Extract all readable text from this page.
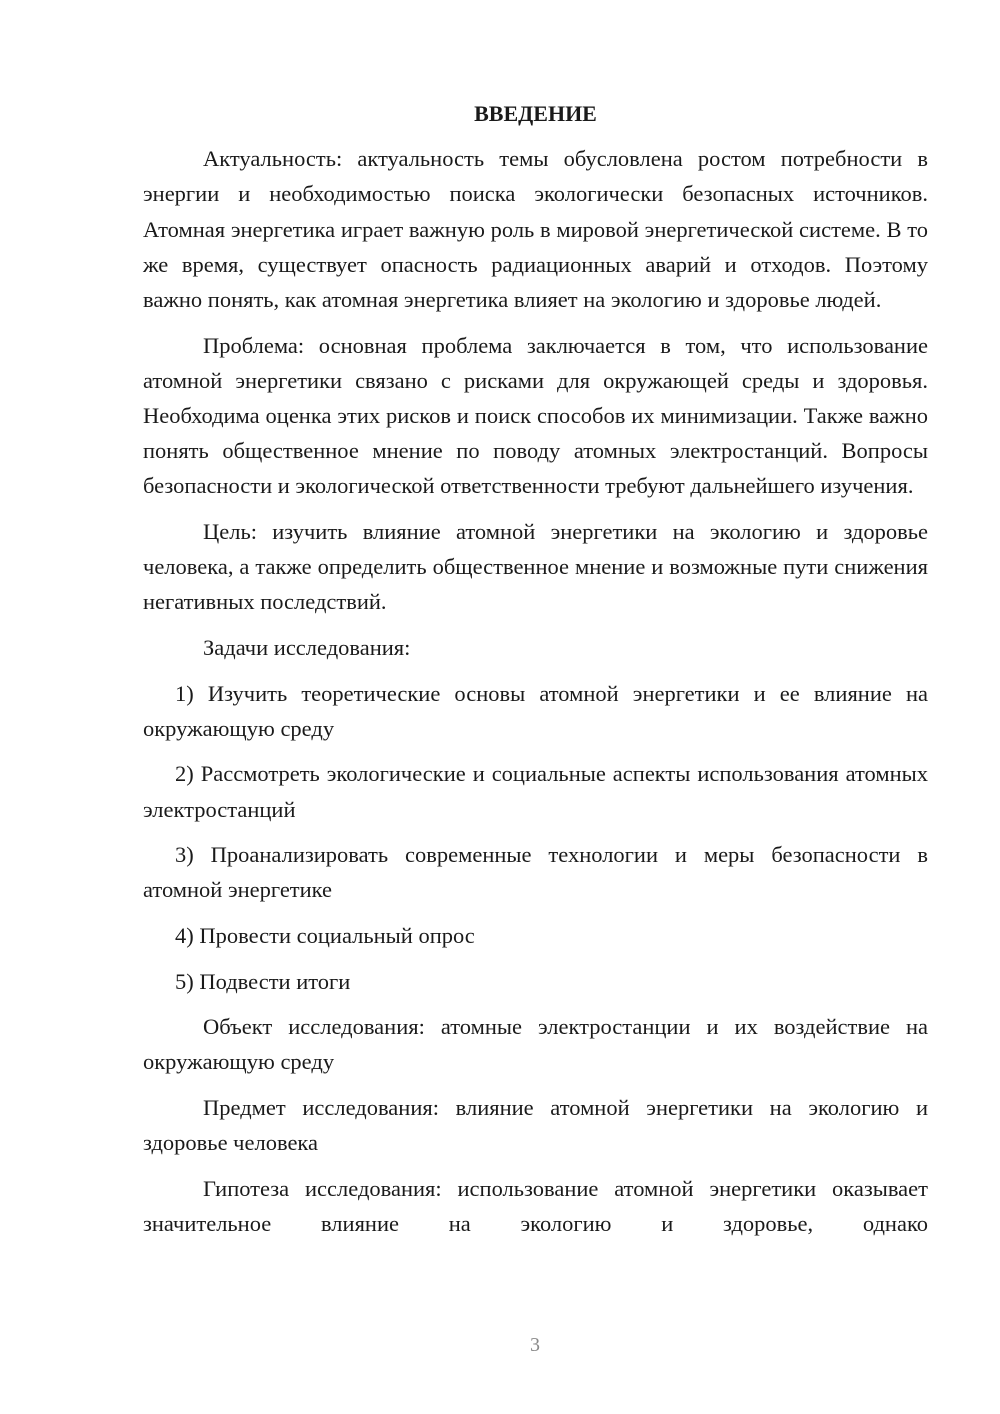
ВВЕДЕНИЕ

Актуальность: актуальность темы обусловлена ростом потребности в энергии и необходимостью поиска экологически безопасных источников. Атомная энергетика играет важную роль в мировой энергетической системе. В то же время, существует опасность радиационных аварий и отходов. Поэтому важно понять, как атомная энергетика влияет на экологию и здоровье людей.

Проблема: основная проблема заключается в том, что использование атомной энергетики связано с рисками для окружающей среды и здоровья. Необходима оценка этих рисков и поиск способов их минимизации. Также важно понять общественное мнение по поводу атомных электростанций. Вопросы безопасности и экологической ответственности требуют дальнейшего изучения.

Цель: изучить влияние атомной энергетики на экологию и здоровье человека, а также определить общественное мнение и возможные пути снижения негативных последствий.

Задачи исследования:

1) Изучить теоретические основы атомной энергетики и ее влияние на окружающую среду

2) Рассмотреть экологические и социальные аспекты использования атомных электростанций

3) Проанализировать современные технологии и меры безопасности в атомной энергетике

4) Провести социальный опрос

5) Подвести итоги

Объект исследования: атомные электростанции и их воздействие на окружающую среду

Предмет исследования: влияние атомной энергетики на экологию и здоровье человека

Гипотеза исследования: использование атомной энергетики оказывает значительное влияние на экологию и здоровье, однако

3
